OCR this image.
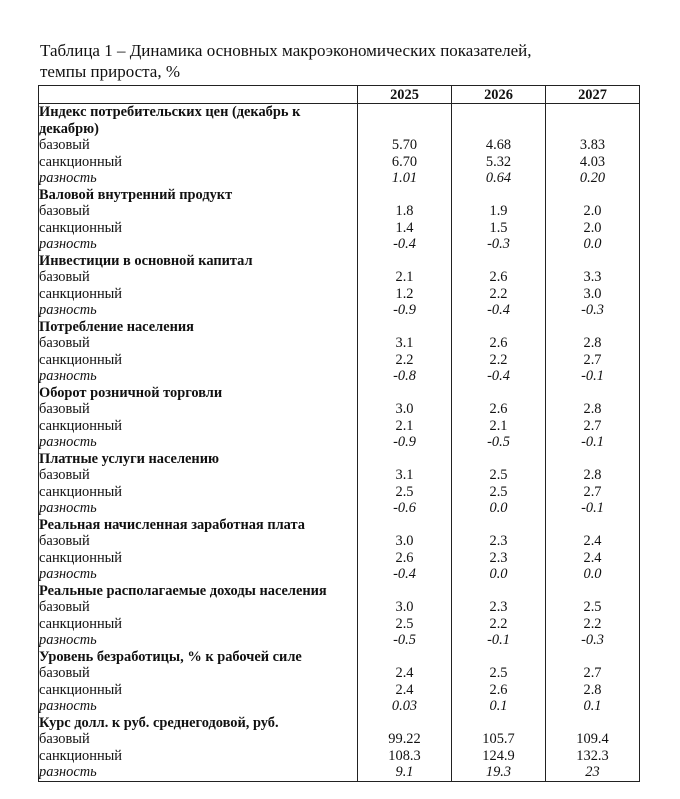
Таблица 1 – Динамика основных макроэкономических показателей,
темпы прироста, %
	2025	2026	2027
Индекс потребительских цен (декабрь к декабрю)			
базовый	5.70	4.68	3.83
санкционный	6.70	5.32	4.03
разность	1.01	0.64	0.20
Валовой внутренний продукт			
базовый	1.8	1.9	2.0
санкционный	1.4	1.5	2.0
разность	-0.4	-0.3	0.0
Инвестиции в основной капитал			
базовый	2.1	2.6	3.3
санкционный	1.2	2.2	3.0
разность	-0.9	-0.4	-0.3
Потребление населения			
базовый	3.1	2.6	2.8
санкционный	2.2	2.2	2.7
разность	-0.8	-0.4	-0.1
Оборот розничной торговли			
базовый	3.0	2.6	2.8
санкционный	2.1	2.1	2.7
разность	-0.9	-0.5	-0.1
Платные услуги населению			
базовый	3.1	2.5	2.8
санкционный	2.5	2.5	2.7
разность	-0.6	0.0	-0.1
Реальная начисленная заработная плата			
базовый	3.0	2.3	2.4
санкционный	2.6	2.3	2.4
разность	-0.4	0.0	0.0
Реальные располагаемые доходы населения			
базовый	3.0	2.3	2.5
санкционный	2.5	2.2	2.2
разность	-0.5	-0.1	-0.3
Уровень безработицы, % к рабочей силе			
базовый	2.4	2.5	2.7
санкционный	2.4	2.6	2.8
разность	0.03	0.1	0.1
Курс долл. к руб. среднегодовой, руб.			
базовый	99.22	105.7	109.4
санкционный	108.3	124.9	132.3
разность	9.1	19.3	23
